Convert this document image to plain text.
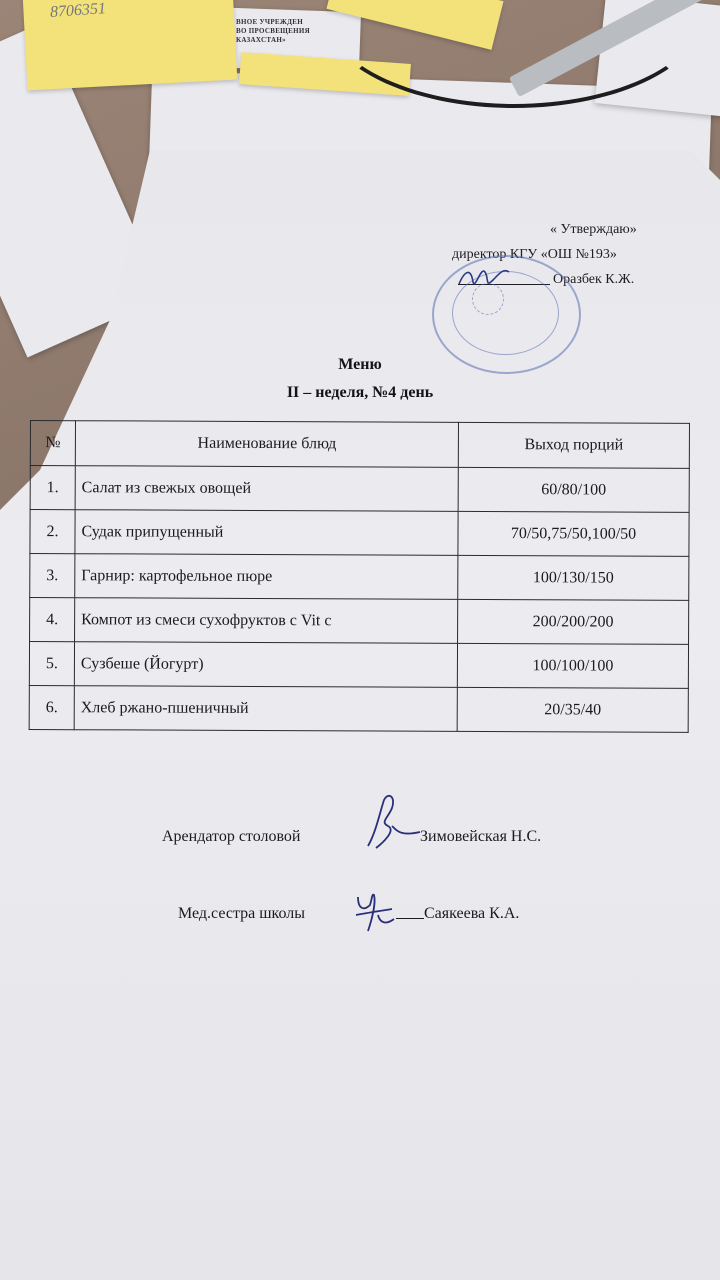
ВНОЕ УЧРЕЖДЕН
ВО ПРОСВЕЩЕНИЯ
КАЗАХСТАН»
8706351
« Утверждаю»
директор КГУ «ОШ №193»
Оразбек К.Ж.
Меню
II – неделя, №4 день
№	Наименование блюд	Выход порций
1.	Салат из свежых овощей	60/80/100
2.	Судак припущенный	70/50,75/50,100/50
3.	Гарнир: картофельное пюре	100/130/150
4.	Компот из смеси сухофруктов с Vit c	200/200/200
5.	Сузбеше (Йогурт)	100/100/100
6.	Хлеб ржано-пшеничный	20/35/40
Арендатор столовой	Зимовейская Н.С.
Мед.сестра школы	Саякеева К.А.
